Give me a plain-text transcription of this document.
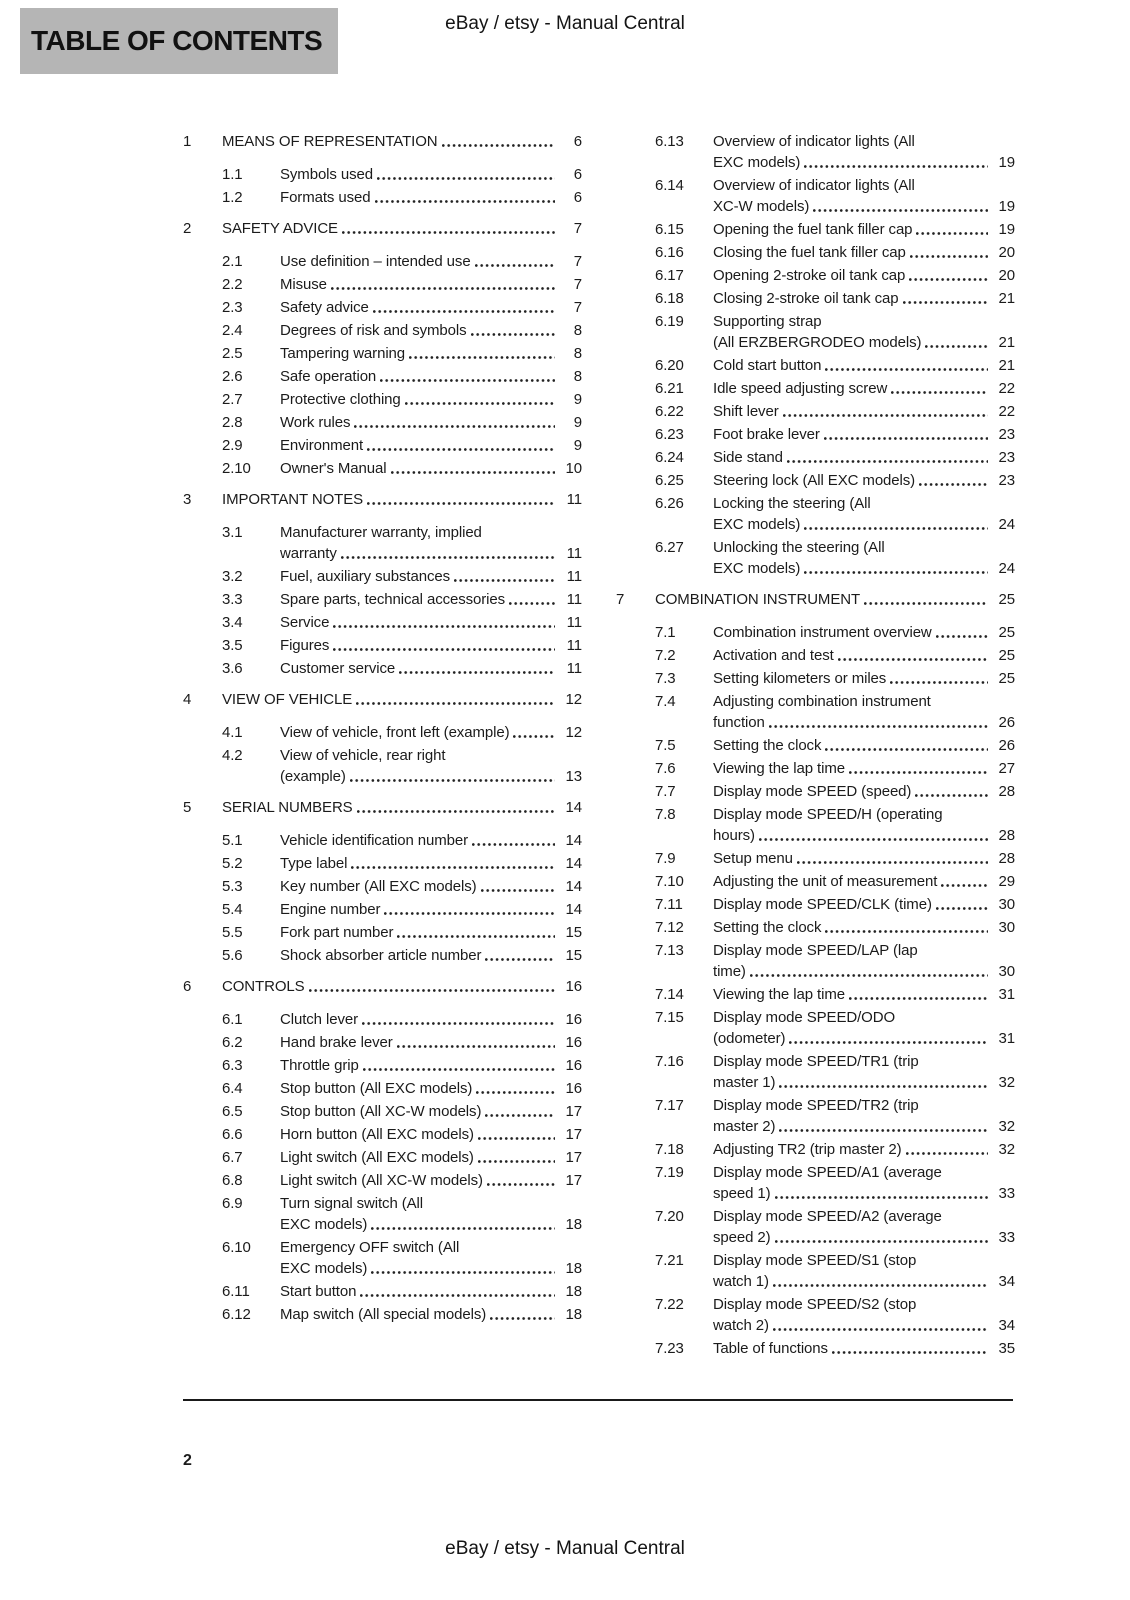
TABLE OF CONTENTS
eBay / etsy - Manual Central
1	MEANS OF REPRESENTATION	6
1.1	Symbols used	6
1.2	Formats used	6
2	SAFETY ADVICE	7
2.1	Use definition – intended use	7
2.2	Misuse	7
2.3	Safety advice	7
2.4	Degrees of risk and symbols	8
2.5	Tampering warning	8
2.6	Safe operation	8
2.7	Protective clothing	9
2.8	Work rules	9
2.9	Environment	9
2.10	Owner's Manual	10
3	IMPORTANT NOTES	11
3.1	Manufacturer warranty, implied
warranty	11
3.2	Fuel, auxiliary substances	11
3.3	Spare parts, technical accessories	11
3.4	Service	11
3.5	Figures	11
3.6	Customer service	11
4	VIEW OF VEHICLE	12
4.1	View of vehicle, front left (example)	12
4.2	View of vehicle, rear right
(example)	13
5	SERIAL NUMBERS	14
5.1	Vehicle identification number	14
5.2	Type label	14
5.3	Key number (All EXC models)	14
5.4	Engine number	14
5.5	Fork part number	15
5.6	Shock absorber article number	15
6	CONTROLS	16
6.1	Clutch lever	16
6.2	Hand brake lever	16
6.3	Throttle grip	16
6.4	Stop button (All EXC models)	16
6.5	Stop button (All XC-W models)	17
6.6	Horn button (All EXC models)	17
6.7	Light switch (All EXC models)	17
6.8	Light switch (All XC-W models)	17
6.9	Turn signal switch (All
EXC models)	18
6.10	Emergency OFF switch (All
EXC models)	18
6.11	Start button	18
6.12	Map switch (All special models)	18
6.13	Overview of indicator lights (All
EXC models)	19
6.14	Overview of indicator lights (All
XC-W models)	19
6.15	Opening the fuel tank filler cap	19
6.16	Closing the fuel tank filler cap	20
6.17	Opening 2-stroke oil tank cap	20
6.18	Closing 2-stroke oil tank cap	21
6.19	Supporting strap
(All ERZBERGRODEO models)	21
6.20	Cold start button	21
6.21	Idle speed adjusting screw	22
6.22	Shift lever	22
6.23	Foot brake lever	23
6.24	Side stand	23
6.25	Steering lock (All EXC models)	23
6.26	Locking the steering (All
EXC models)	24
6.27	Unlocking the steering (All
EXC models)	24
7	COMBINATION INSTRUMENT	25
7.1	Combination instrument overview	25
7.2	Activation and test	25
7.3	Setting kilometers or miles	25
7.4	Adjusting combination instrument
function	26
7.5	Setting the clock	26
7.6	Viewing the lap time	27
7.7	Display mode SPEED (speed)	28
7.8	Display mode SPEED/H (operating
hours)	28
7.9	Setup menu	28
7.10	Adjusting the unit of measurement	29
7.11	Display mode SPEED/CLK (time)	30
7.12	Setting the clock	30
7.13	Display mode SPEED/LAP (lap
time)	30
7.14	Viewing the lap time	31
7.15	Display mode SPEED/ODO
(odometer)	31
7.16	Display mode SPEED/TR1 (trip
master 1)	32
7.17	Display mode SPEED/TR2 (trip
master 2)	32
7.18	Adjusting TR2 (trip master 2)	32
7.19	Display mode SPEED/A1 (average
speed 1)	33
7.20	Display mode SPEED/A2 (average
speed 2)	33
7.21	Display mode SPEED/S1 (stop
watch 1)	34
7.22	Display mode SPEED/S2 (stop
watch 2)	34
7.23	Table of functions	35
2
eBay / etsy - Manual Central
